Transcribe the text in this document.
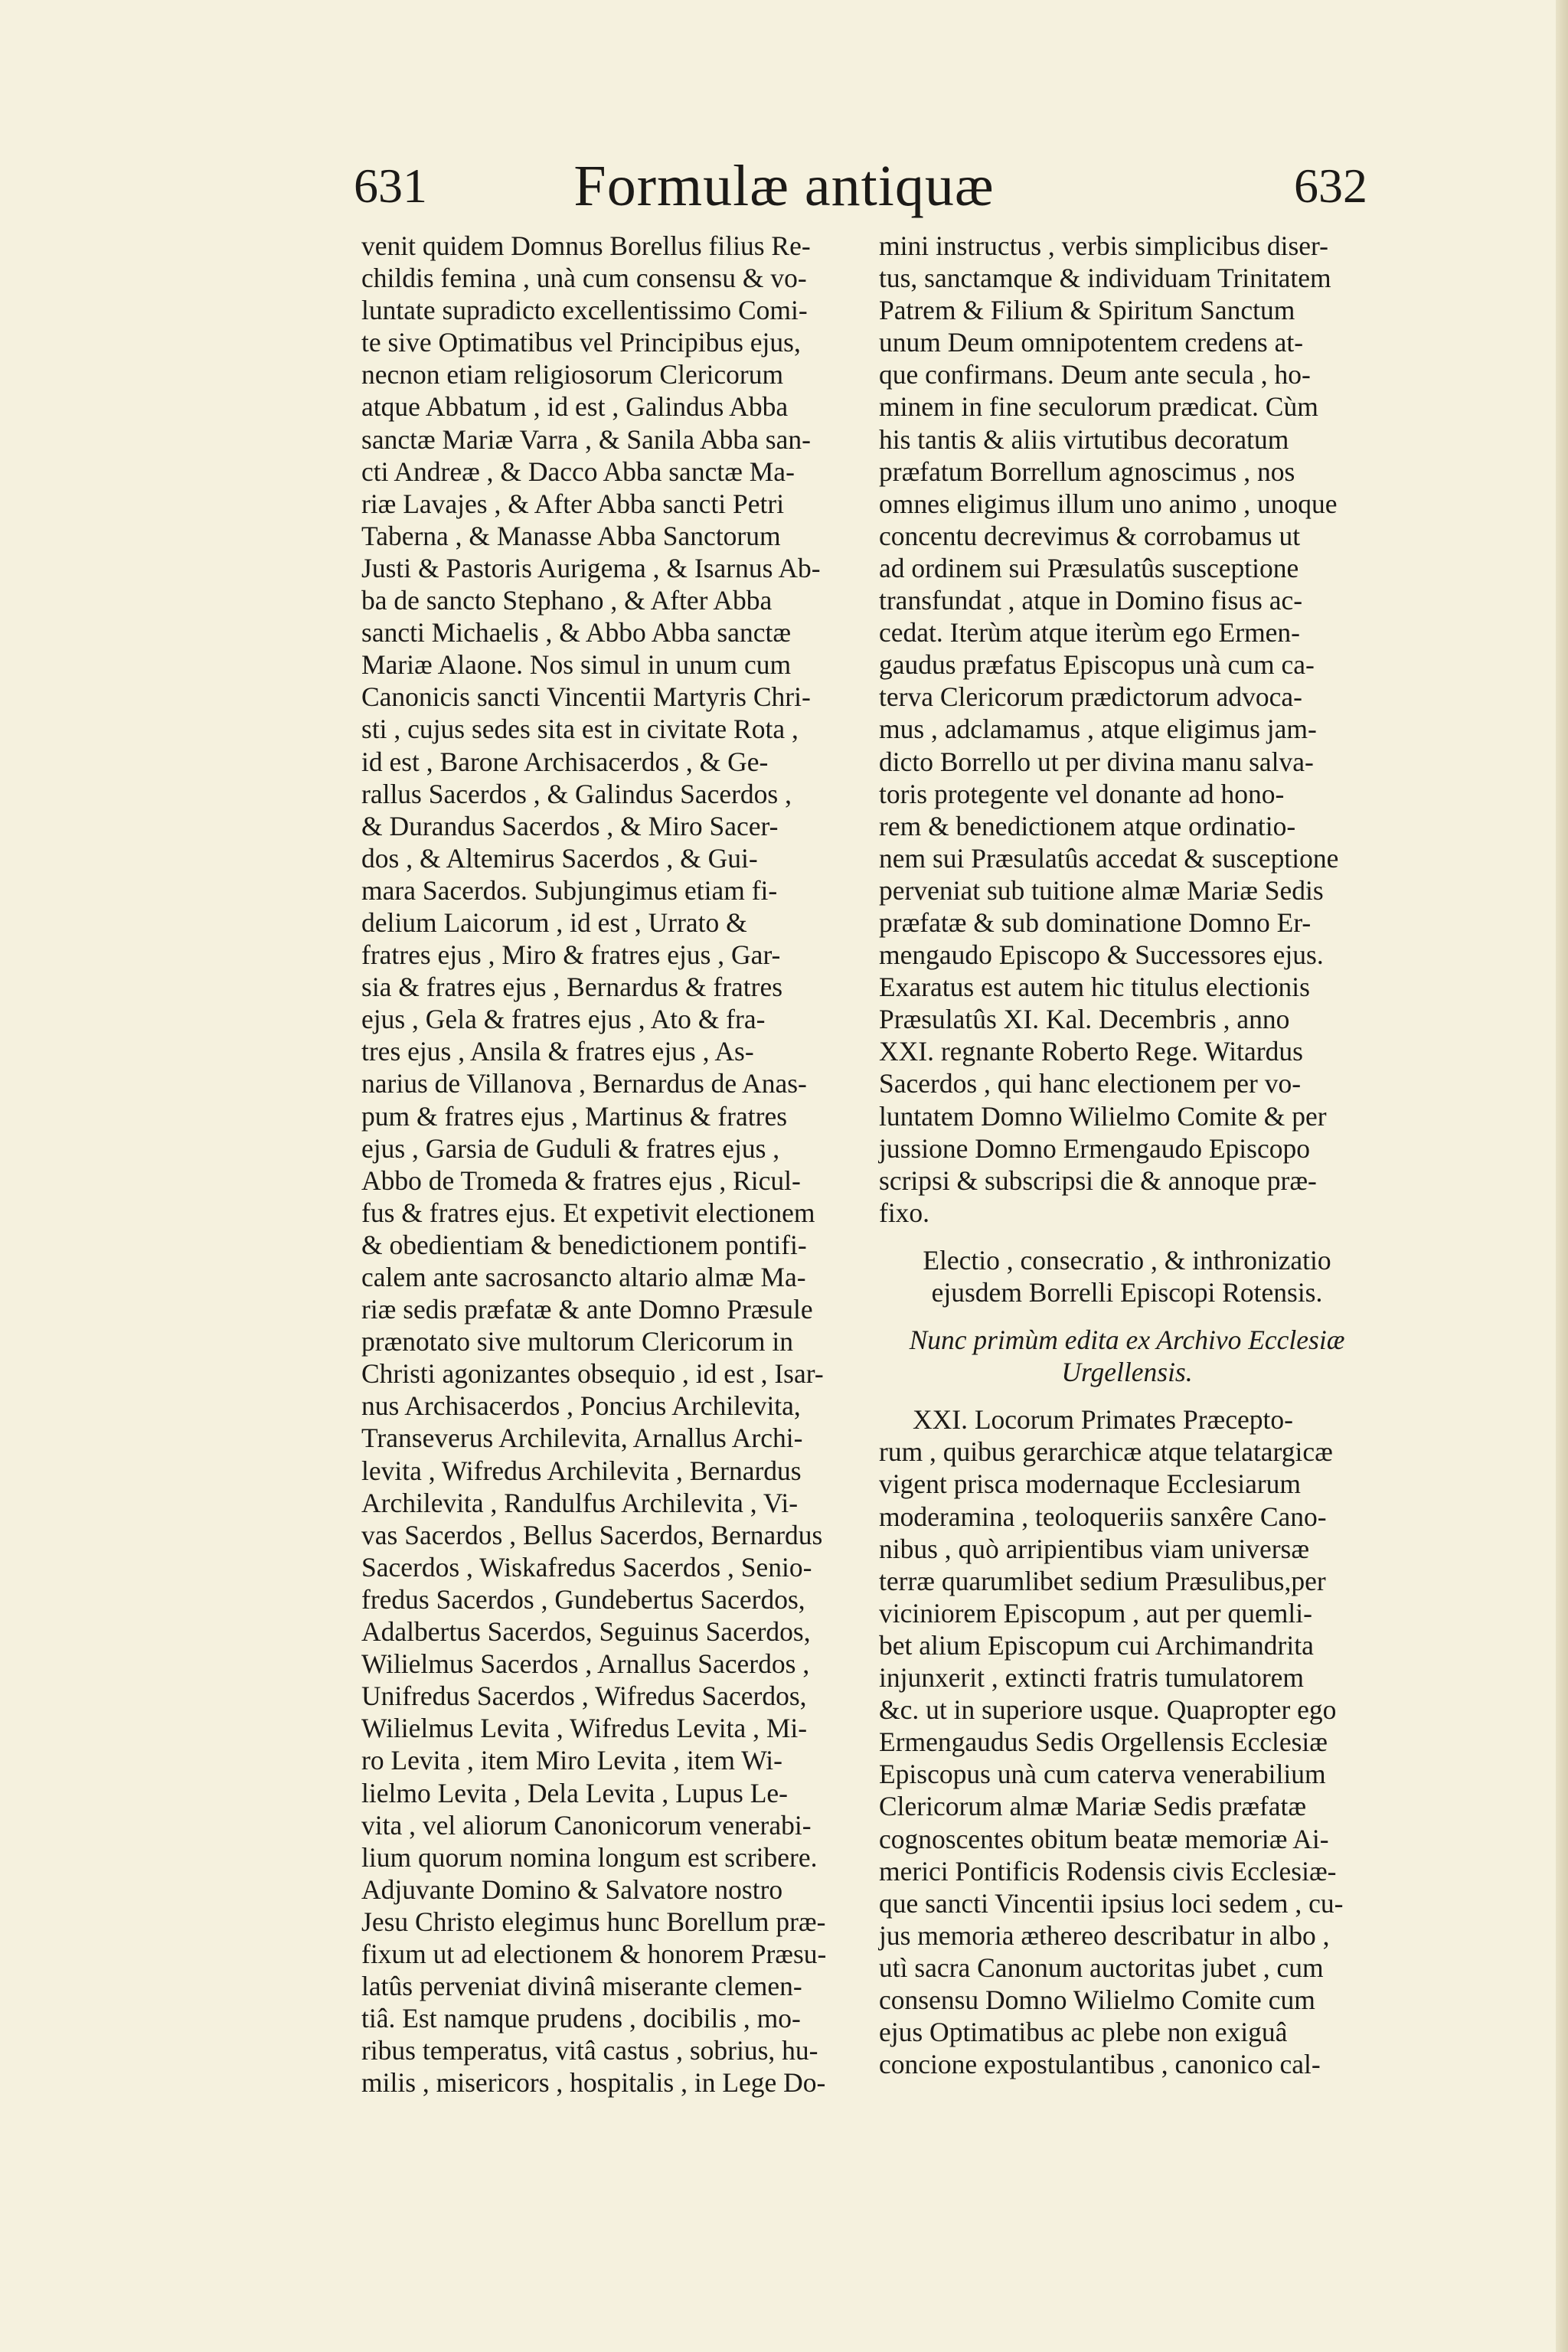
631	Formulæ antiquæ	632
venit quidem Domnus Borellus filius Re-
childis femina , unà cum consensu & vo-
luntate supradicto excellentissimo Comi-
te sive Optimatibus vel Principibus ejus,
necnon etiam religiosorum Clericorum
atque Abbatum , id est , Galindus Abba
sanctæ Mariæ Varra , & Sanila Abba san-
cti Andreæ , & Dacco Abba sanctæ Ma-
riæ Lavajes , & After Abba sancti Petri
Taberna , & Manasse Abba Sanctorum
Justi & Pastoris Aurigema , & Isarnus Ab-
ba de sancto Stephano , & After Abba
sancti Michaelis , & Abbo Abba sanctæ
Mariæ Alaone. Nos simul in unum cum
Canonicis sancti Vincentii Martyris Chri-
sti , cujus sedes sita est in civitate Rota ,
id est , Barone Archisacerdos , & Ge-
rallus Sacerdos , & Galindus Sacerdos ,
& Durandus Sacerdos , & Miro Sacer-
dos , & Altemirus Sacerdos , & Gui-
mara Sacerdos. Subjungimus etiam fi-
delium Laicorum , id est , Urrato &
fratres ejus , Miro & fratres ejus , Gar-
sia & fratres ejus , Bernardus & fratres
ejus , Gela & fratres ejus , Ato & fra-
tres ejus , Ansila & fratres ejus , As-
narius de Villanova , Bernardus de Anas-
pum & fratres ejus , Martinus & fratres
ejus , Garsia de Guduli & fratres ejus ,
Abbo de Tromeda & fratres ejus , Ricul-
fus & fratres ejus. Et expetivit electionem
& obedientiam & benedictionem pontifi-
calem ante sacrosancto altario almæ Ma-
riæ sedis præfatæ & ante Domno Præsule
prænotato sive multorum Clericorum in
Christi agonizantes obsequio , id est , Isar-
nus Archisacerdos , Poncius Archilevita,
Transeverus Archilevita, Arnallus Archi-
levita , Wifredus Archilevita , Bernardus
Archilevita , Randulfus Archilevita , Vi-
vas Sacerdos , Bellus Sacerdos, Bernardus
Sacerdos , Wiskafredus Sacerdos , Senio-
fredus Sacerdos , Gundebertus Sacerdos,
Adalbertus Sacerdos, Seguinus Sacerdos,
Wilielmus Sacerdos , Arnallus Sacerdos ,
Unifredus Sacerdos , Wifredus Sacerdos,
Wilielmus Levita , Wifredus Levita , Mi-
ro Levita , item Miro Levita , item Wi-
lielmo Levita , Dela Levita , Lupus Le-
vita , vel aliorum Canonicorum venerabi-
lium quorum nomina longum est scribere.
Adjuvante Domino & Salvatore nostro
Jesu Christo elegimus hunc Borellum præ-
fixum ut ad electionem & honorem Præsu-
latûs perveniat divinâ miserante clemen-
tiâ. Est namque prudens , docibilis , mo-
ribus temperatus, vitâ castus , sobrius, hu-
milis , misericors , hospitalis , in Lege Do-
mini instructus , verbis simplicibus diser-
tus, sanctamque & individuam Trinitatem
Patrem & Filium & Spiritum Sanctum
unum Deum omnipotentem credens at-
que confirmans. Deum ante secula , ho-
minem in fine seculorum prædicat. Cùm
his tantis & aliis virtutibus decoratum
præfatum Borrellum agnoscimus , nos
omnes eligimus illum uno animo , unoque
concentu decrevimus & corrobamus ut
ad ordinem sui Præsulatûs susceptione
transfundat , atque in Domino fisus ac-
cedat. Iterùm atque iterùm ego Ermen-
gaudus præfatus Episcopus unà cum ca-
terva Clericorum prædictorum advoca-
mus , adclamamus , atque eligimus jam-
dicto Borrello ut per divina manu salva-
toris protegente vel donante ad hono-
rem & benedictionem atque ordinatio-
nem sui Præsulatûs accedat & susceptione
perveniat sub tuitione almæ Mariæ Sedis
præfatæ & sub dominatione Domno Er-
mengaudo Episcopo & Successores ejus.
Exaratus est autem hic titulus electionis
Præsulatûs XI. Kal. Decembris , anno
XXI. regnante Roberto Rege. Witardus
Sacerdos , qui hanc electionem per vo-
luntatem Domno Wilielmo Comite & per
jussione Domno Ermengaudo Episcopo
scripsi & subscripsi die & annoque præ-
fixo.
Electio , consecratio , & inthronizatio
ejusdem Borrelli Episcopi Rotensis.
Nunc primùm edita ex Archivo Ecclesiæ
Urgellensis.
XXI. Locorum Primates Præcepto-
rum , quibus gerarchicæ atque telatargicæ
vigent prisca modernaque Ecclesiarum
moderamina , teoloqueriis sanxêre Cano-
nibus , quò arripientibus viam universæ
terræ quarumlibet sedium Præsulibus,per
viciniorem Episcopum , aut per quemli-
bet alium Episcopum cui Archimandrita
injunxerit , extincti fratris tumulatorem
&c. ut in superiore usque. Quapropter ego
Ermengaudus Sedis Orgellensis Ecclesiæ
Episcopus unà cum caterva venerabilium
Clericorum almæ Mariæ Sedis præfatæ
cognoscentes obitum beatæ memoriæ Ai-
merici Pontificis Rodensis civis Ecclesiæ-
que sancti Vincentii ipsius loci sedem , cu-
jus memoria æthereo describatur in albo ,
utì sacra Canonum auctoritas jubet , cum
consensu Domno Wilielmo Comite cum
ejus Optimatibus ac plebe non exiguâ
concione expostulantibus , canonico cal-
